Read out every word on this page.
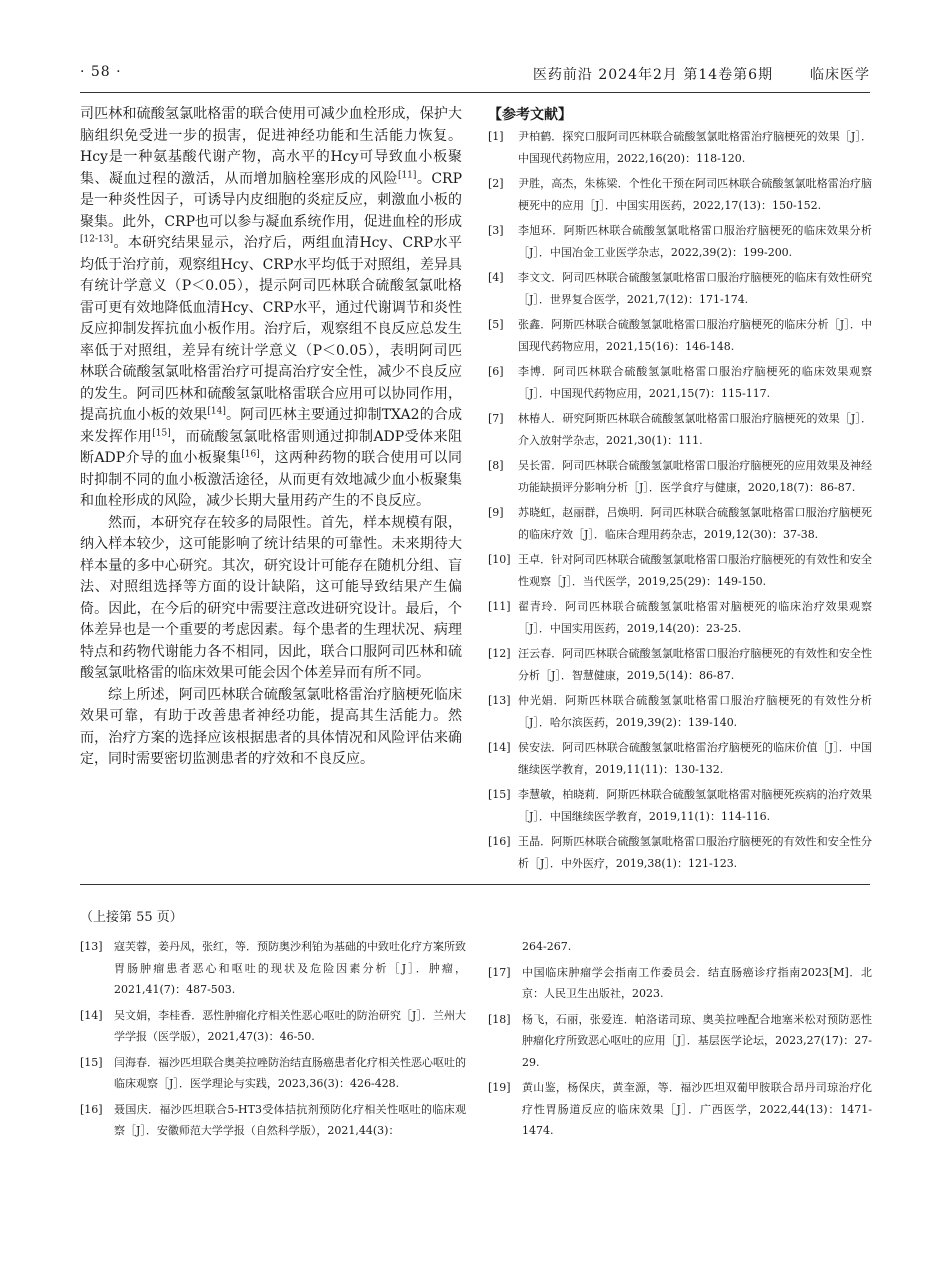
· 58 ·	医药前沿 2024年2月 第14卷第6期	临床医学

司匹林和硫酸氢氯吡格雷的联合使用可减少血栓形成，保护大脑组织免受进一步的损害，促进神经功能和生活能力恢复。Hcy是一种氨基酸代谢产物，高水平的Hcy可导致血小板聚集、凝血过程的激活，从而增加脑栓塞形成的风险[11]。CRP是一种炎性因子，可诱导内皮细胞的炎症反应，刺激血小板的聚集。此外，CRP也可以参与凝血系统作用，促进血栓的形成[12-13]。本研究结果显示，治疗后，两组血清Hcy、CRP水平均低于治疗前，观察组Hcy、CRP水平均低于对照组，差异具有统计学意义（P＜0.05），提示阿司匹林联合硫酸氢氯吡格雷可更有效地降低血清Hcy、CRP水平，通过代谢调节和炎性反应抑制发挥抗血小板作用。治疗后，观察组不良反应总发生率低于对照组，差异有统计学意义（P＜0.05），表明阿司匹林联合硫酸氢氯吡格雷治疗可提高治疗安全性，减少不良反应的发生。阿司匹林和硫酸氢氯吡格雷联合应用可以协同作用，提高抗血小板的效果[14]。阿司匹林主要通过抑制TXA2的合成来发挥作用[15]，而硫酸氢氯吡格雷则通过抑制ADP受体来阻断ADP介导的血小板聚集[16]，这两种药物的联合使用可以同时抑制不同的血小板激活途径，从而更有效地减少血小板聚集和血栓形成的风险，减少长期大量用药产生的不良反应。

然而，本研究存在较多的局限性。首先，样本规模有限，纳入样本较少，这可能影响了统计结果的可靠性。未来期待大样本量的多中心研究。其次，研究设计可能存在随机分组、盲法、对照组选择等方面的设计缺陷，这可能导致结果产生偏倚。因此，在今后的研究中需要注意改进研究设计。最后，个体差异也是一个重要的考虑因素。每个患者的生理状况、病理特点和药物代谢能力各不相同，因此，联合口服阿司匹林和硫酸氢氯吡格雷的临床效果可能会因个体差异而有所不同。

综上所述，阿司匹林联合硫酸氢氯吡格雷治疗脑梗死临床效果可靠，有助于改善患者神经功能，提高其生活能力。然而，治疗方案的选择应该根据患者的具体情况和风险评估来确定，同时需要密切监测患者的疗效和不良反应。

【参考文献】
[1]	尹柏鹤．探究口服阿司匹林联合硫酸氢氯吡格雷治疗脑梗死的效果［J］．中国现代药物应用，2022,16(20)：118-120.
[2]	尹胜，高杰，朱栋梁．个性化干预在阿司匹林联合硫酸氢氯吡格雷治疗脑梗死中的应用［J］．中国实用医药，2022,17(13)：150-152.
[3]	李旭环．阿斯匹林联合硫酸氢氯吡格雷口服治疗脑梗死的临床效果分析［J］．中国冶金工业医学杂志，2022,39(2)：199-200.
[4]	李文文．阿司匹林联合硫酸氢氯吡格雷口服治疗脑梗死的临床有效性研究［J］．世界复合医学，2021,7(12)：171-174.
[5]	张鑫．阿斯匹林联合硫酸氢氯吡格雷口服治疗脑梗死的临床分析［J］．中国现代药物应用，2021,15(16)：146-148.
[6]	李博．阿司匹林联合硫酸氢氯吡格雷口服治疗脑梗死的临床效果观察［J］．中国现代药物应用，2021,15(7)：115-117.
[7]	林椿人．研究阿斯匹林联合硫酸氢氯吡格雷口服治疗脑梗死的效果［J］．介入放射学杂志，2021,30(1)：111.
[8]	吴长雷．阿司匹林联合硫酸氢氯吡格雷口服治疗脑梗死的应用效果及神经功能缺损评分影响分析［J］．医学食疗与健康，2020,18(7)：86-87.
[9]	苏晓虹，赵丽群，吕焕明．阿司匹林联合硫酸氢氯吡格雷口服治疗脑梗死的临床疗效［J］．临床合理用药杂志，2019,12(30)：37-38.
[10] 王卓．针对阿司匹林联合硫酸氢氯吡格雷口服治疗脑梗死的有效性和安全性观察［J］．当代医学，2019,25(29)：149-150.
[11] 翟青玲．阿司匹林联合硫酸氢氯吡格雷对脑梗死的临床治疗效果观察［J］．中国实用医药，2019,14(20)：23-25.
[12] 汪云春．阿司匹林联合硫酸氢氯吡格雷口服治疗脑梗死的有效性和安全性分析［J］．智慧健康，2019,5(14)：86-87.
[13] 仲光娟．阿斯匹林联合硫酸氢氯吡格雷口服治疗脑梗死的有效性分析［J］．哈尔滨医药，2019,39(2)：139-140.
[14] 侯安法．阿司匹林联合硫酸氢氯吡格雷治疗脑梗死的临床价值［J］．中国继续医学教育，2019,11(11)：130-132.
[15] 李慧敏，柏晓莉．阿斯匹林联合硫酸氢氯吡格雷对脑梗死疾病的治疗效果［J］．中国继续医学教育，2019,11(1)：114-116.
[16] 王晶．阿斯匹林联合硫酸氢氯吡格雷口服治疗脑梗死的有效性和安全性分析［J］．中外医疗，2019,38(1)：121-123.
（上接第 55 页）
[13]	寇芙蓉，姜丹凤，张红，等．预防奥沙利铂为基础的中致吐化疗方案所致胃肠肿瘤患者恶心和呕吐的现状及危险因素分析［J］．肿瘤，2021,41(7)：487-503.
[14]	吴文娟，李桂香．恶性肿瘤化疗相关性恶心呕吐的防治研究［J］．兰州大学学报（医学版），2021,47(3)：46-50.
[15]	闫海春．福沙匹坦联合奥美拉唑防治结直肠癌患者化疗相关性恶心呕吐的临床观察［J］．医学理论与实践，2023,36(3)：426-428.
[16]	聂国庆．福沙匹坦联合5-HT3受体拮抗剂预防化疗相关性呕吐的临床观察［J］．安徽师范大学学报（自然科学版），2021,44(3)：
264-267.
[17]	中国临床肿瘤学会指南工作委员会．结直肠癌诊疗指南2023[M]．北京：人民卫生出版社，2023.
[18]	杨飞，石丽，张爱连．帕洛诺司琼、奥美拉唑配合地塞米松对预防恶性肿瘤化疗所致恶心呕吐的应用［J］．基层医学论坛，2023,27(17)：27-29.
[19]	黄山鉴，杨保庆，黄奎源，等．福沙匹坦双葡甲胺联合昂丹司琼治疗化疗性胃肠道反应的临床效果［J］．广西医学，2022,44(13)：1471-1474.
